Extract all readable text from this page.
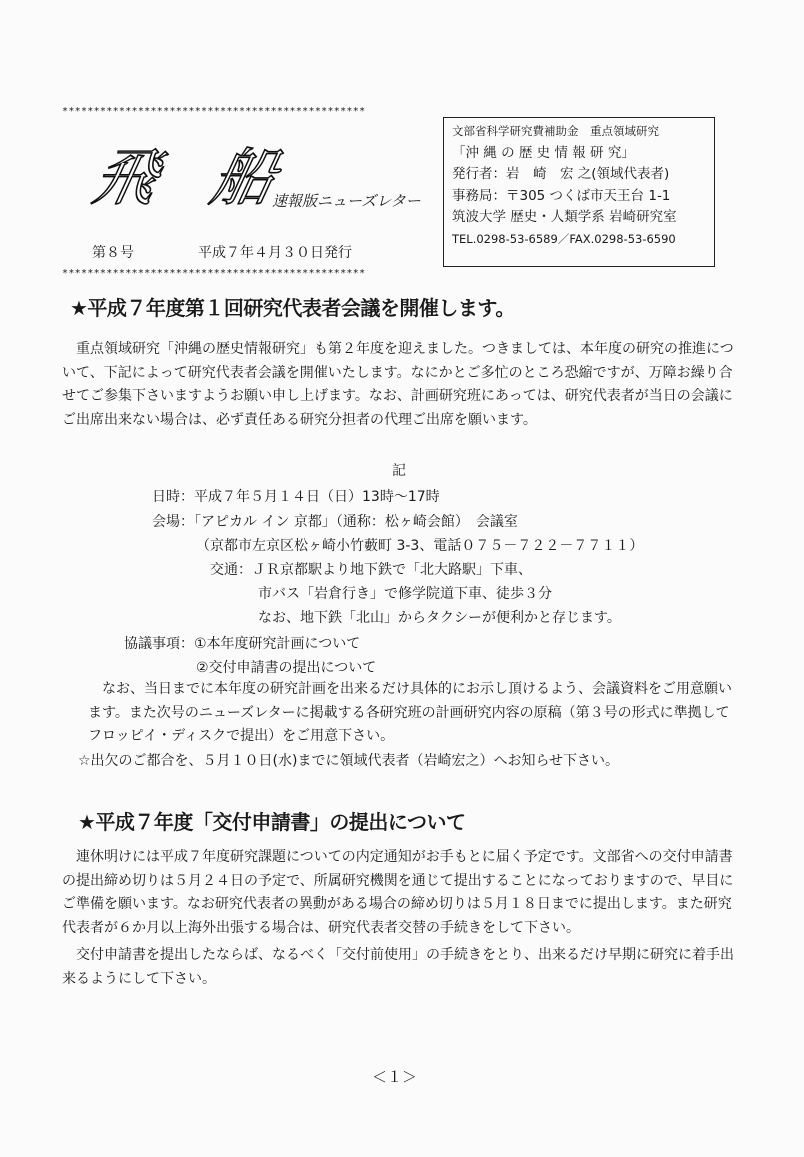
************************************************
飛 船
速報版ニューズレター
第８号	平成７年４月３０日発行
************************************************
文部省科学研究費補助金　重点領域研究
「沖 縄 の 歴 史 情 報 研 究」
発行者：岩　崎　宏 之(領域代表者)
事務局：〒305 つくば市天王台 1-1
筑波大学 歴史・人類学系 岩崎研究室
TEL.0298-53-6589／FAX.0298-53-6590
★平成７年度第１回研究代表者会議を開催します。
重点領域研究「沖縄の歴史情報研究」も第２年度を迎えました。つきましては、本年度の研究の推進について、下記によって研究代表者会議を開催いたします。なにかとご多忙のところ恐縮ですが、万障お繰り合せてご参集下さいますようお願い申し上げます。なお、計画研究班にあっては、研究代表者が当日の会議にご出席出来ない場合は、必ず責任ある研究分担者の代理ご出席を願います。
記
日時：平成７年５月１４日（日）13時～17時
会場：「アピカル イン 京都」（通称：松ヶ崎会館）　会議室
（京都市左京区松ヶ崎小竹藪町 3-3、電話０７５－７２２－７７１１）
交通：ＪＲ京都駅より地下鉄で「北大路駅」下車、
市バス「岩倉行き」で修学院道下車、徒歩３分
なお、地下鉄「北山」からタクシーが便利かと存じます。
協議事項：①本年度研究計画について
②交付申請書の提出について
なお、当日までに本年度の研究計画を出来るだけ具体的にお示し頂けるよう、会議資料をご用意願います。また次号のニューズレターに掲載する各研究班の計画研究内容の原稿（第３号の形式に準拠してフロッピイ・ディスクで提出）をご用意下さい。
☆出欠のご都合を、５月１０日(水)までに領域代表者（岩崎宏之）へお知らせ下さい。
★平成７年度「交付申請書」の提出について
連休明けには平成７年度研究課題についての内定通知がお手もとに届く予定です。文部省への交付申請書の提出締め切りは５月２４日の予定で、所属研究機関を通じて提出することになっておりますので、早目にご準備を願います。なお研究代表者の異動がある場合の締め切りは５月１８日までに提出します。また研究代表者が６か月以上海外出張する場合は、研究代表者交替の手続きをして下さい。
交付申請書を提出したならば、なるべく「交付前使用」の手続きをとり、出来るだけ早期に研究に着手出来るようにして下さい。
＜１＞
